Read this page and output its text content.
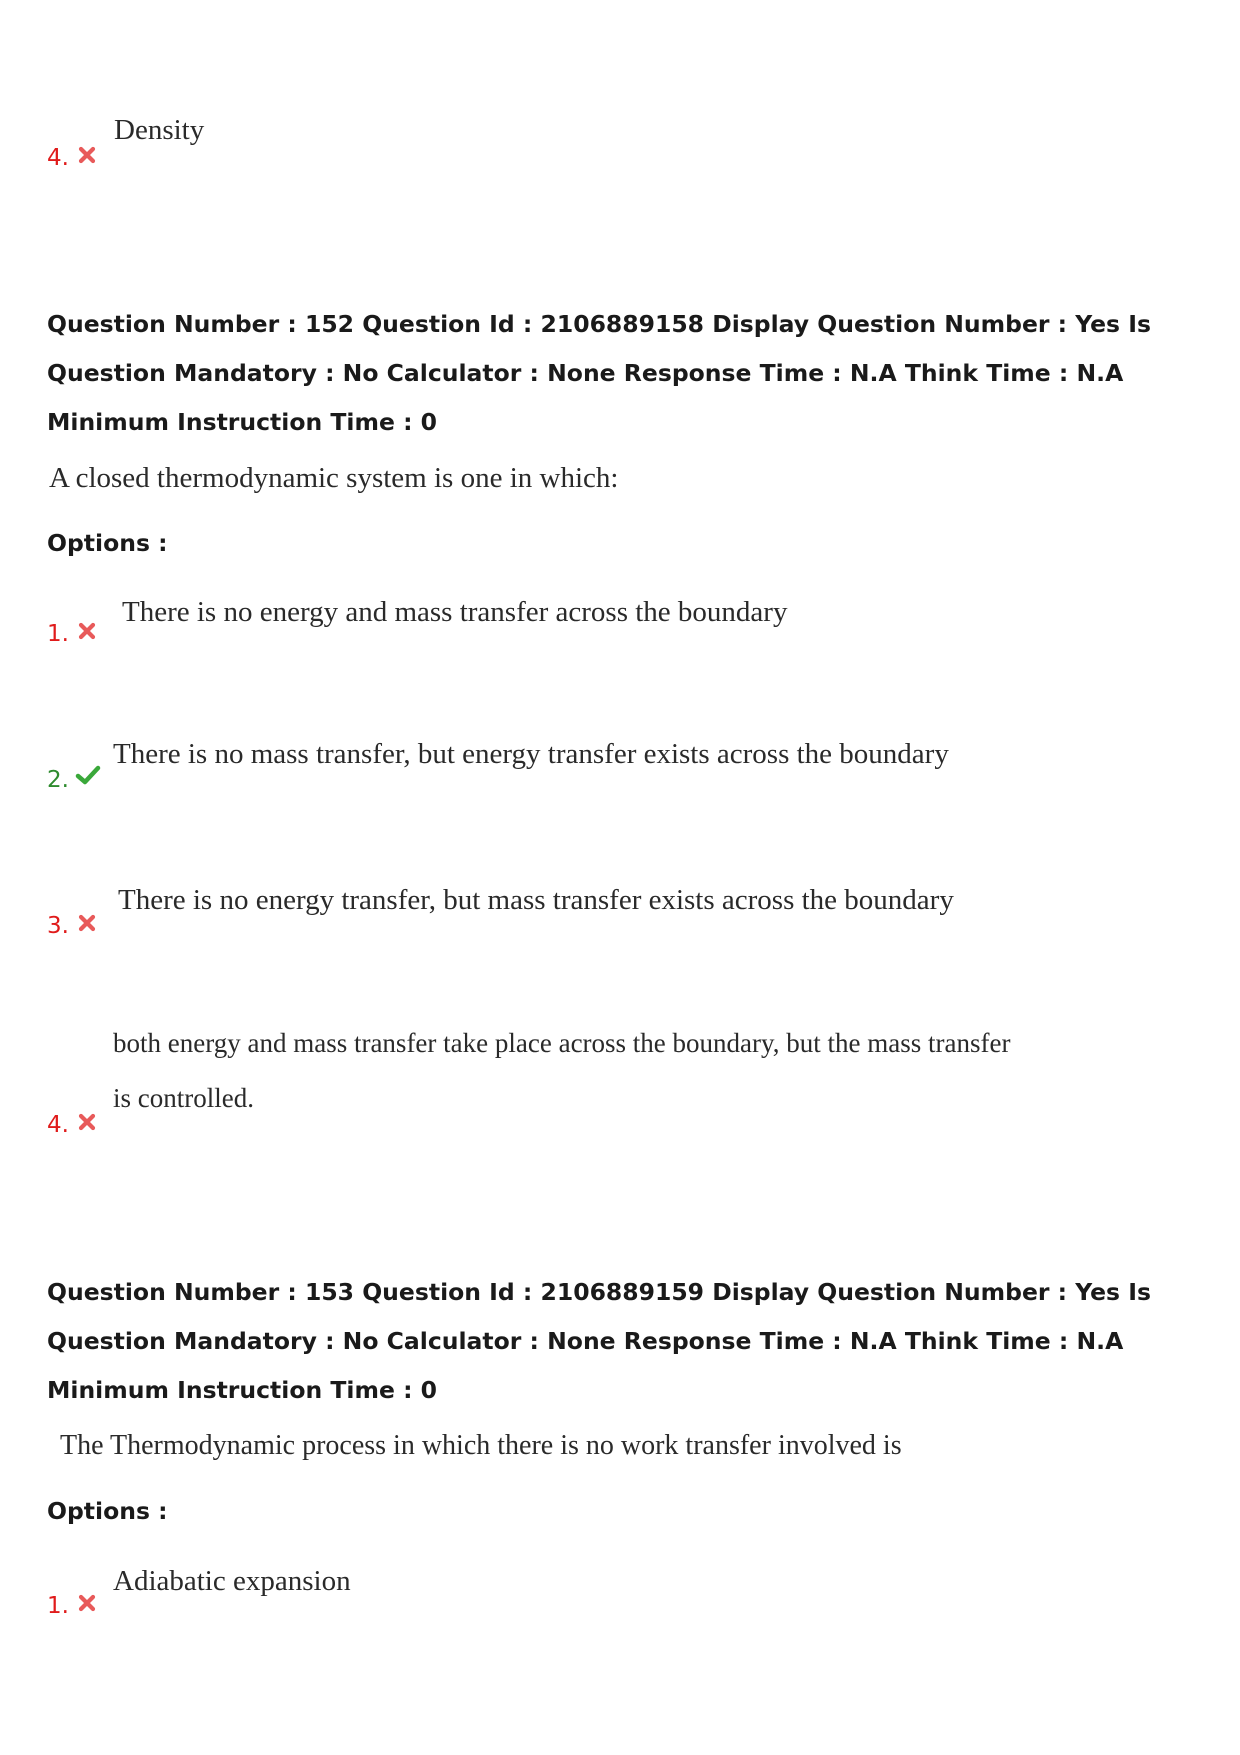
4.
Density
Question Number : 152 Question Id : 2106889158 Display Question Number : Yes Is Question Mandatory : No Calculator : None Response Time : N.A Think Time : N.A Minimum Instruction Time : 0
A closed thermodynamic system is one in which:
Options :
1.
There is no energy and mass transfer across the boundary
2.
There is no mass transfer, but energy transfer exists across the boundary
3.
There is no energy transfer, but mass transfer exists across the boundary
4.
both energy and mass transfer take place across the boundary, but the mass transfer
is controlled.
Question Number : 153 Question Id : 2106889159 Display Question Number : Yes Is Question Mandatory : No Calculator : None Response Time : N.A Think Time : N.A Minimum Instruction Time : 0
The Thermodynamic process in which there is no work transfer involved is
Options :
1.
Adiabatic expansion
